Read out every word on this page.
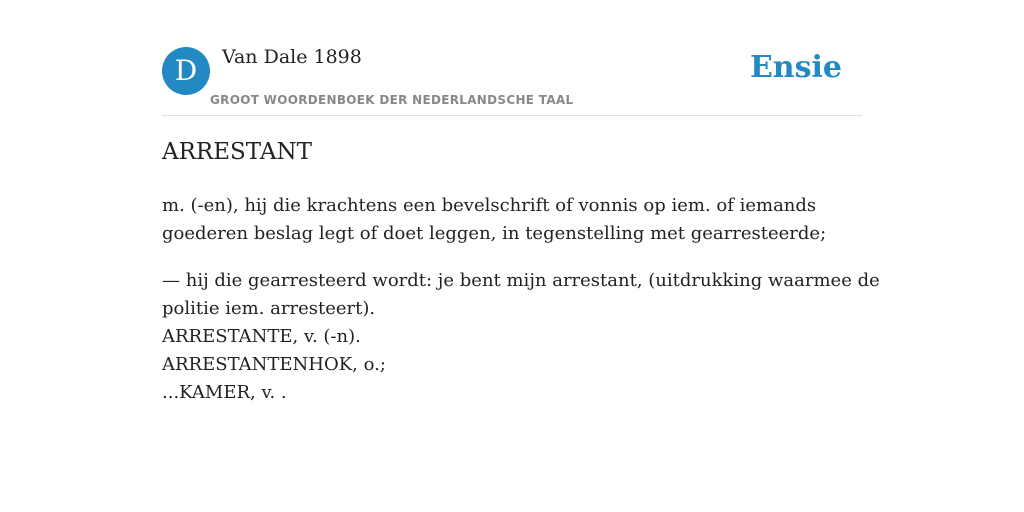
D	Van Dale 1898
GROOT WOORDENBOEK DER NEDERLANDSCHE TAAL
Ensie
ARRESTANT
m. (-en), hij die krachtens een bevelschrift of vonnis op iem. of iemands
goederen beslag legt of doet leggen, in tegenstelling met gearresteerde;
— hij die gearresteerd wordt: je bent mijn arrestant, (uitdrukking waarmee de
politie iem. arresteert).
ARRESTANTE, v. (-n).
ARRESTANTENHOK, o.;
...KAMER, v. .
